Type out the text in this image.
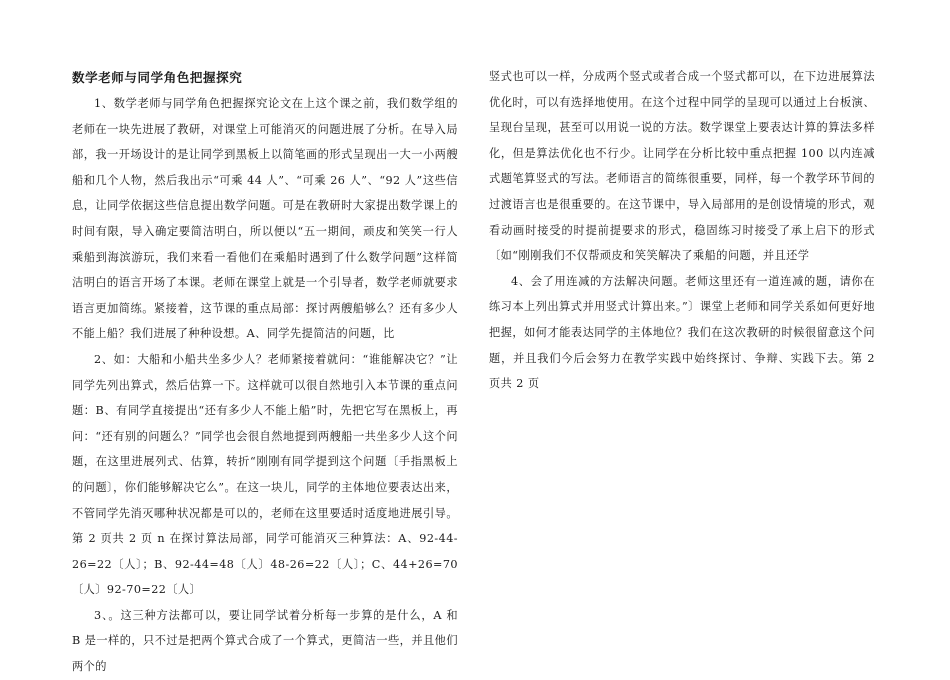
数学老师与同学角色把握探究

1、数学老师与同学角色把握探究论文在上这个课之前，我们数学组的老师在一块先进展了教研，对课堂上可能消灭的问题进展了分析。在导入局部，我一开场设计的是让同学到黑板上以简笔画的形式呈现出一大一小两艘船和几个人物，然后我出示“可乘 44 人”、“可乘 26 人”、“92 人”这些信息，让同学依据这些信息提出数学问题。可是在教研时大家提出数学课上的时间有限，导入确定要简洁明白，所以便以“五一期间，顽皮和笑笑一行人乘船到海滨游玩，我们来看一看他们在乘船时遇到了什么数学问题”这样简洁明白的语言开场了本课。老师在课堂上就是一个引导者，数学老师就要求语言更加简练。紧接着，这节课的重点局部：探讨两艘船够么？还有多少人不能上船？我们进展了种种设想。A、同学先提简洁的问题，比

2、如：大船和小船共坐多少人？老师紧接着就问：“谁能解决它？”让同学先列出算式，然后估算一下。这样就可以很自然地引入本节课的重点问题：B、有同学直接提出“还有多少人不能上船”时，先把它写在黑板上，再问：“还有别的问题么？”同学也会很自然地提到两艘船一共坐多少人这个问题，在这里进展列式、估算，转折“刚刚有同学提到这个问题〔手指黑板上的问题〕，你们能够解决它么”。在这一块儿，同学的主体地位要表达出来，不管同学先消灭哪种状况都是可以的，老师在这里要适时适度地进展引导。第 2 页共 2 页 n 在探讨算法局部，同学可能消灭三种算法：A、92-44-26=22〔人〕；B、92-44=48〔人〕48-26=22〔人〕；C、44+26=70〔人〕92-70=22〔人〕

3、。这三种方法都可以，要让同学试着分析每一步算的是什么，A 和 B 是一样的，只不过是把两个算式合成了一个算式，更简洁一些，并且他们两个的

竖式也可以一样，分成两个竖式或者合成一个竖式都可以，在下边进展算法优化时，可以有选择地使用。在这个过程中同学的呈现可以通过上台板演、呈现台呈现，甚至可以用说一说的方法。数学课堂上要表达计算的算法多样化，但是算法优化也不行少。让同学在分析比较中重点把握 100 以内连减式题笔算竖式的写法。老师语言的简练很重要，同样，每一个教学环节间的过渡语言也是很重要的。在这节课中，导入局部用的是创设情境的形式，观看动画时接受的时提前提要求的形式，稳固练习时接受了承上启下的形式〔如“刚刚我们不仅帮顽皮和笑笑解决了乘船的问题，并且还学

4、会了用连减的方法解决问题。老师这里还有一道连减的题，请你在练习本上列出算式并用竖式计算出来。”〕课堂上老师和同学关系如何更好地把握，如何才能表达同学的主体地位？我们在这次教研的时候很留意这个问题，并且我们今后会努力在教学实践中始终探讨、争辩、实践下去。第 2 页共 2 页
